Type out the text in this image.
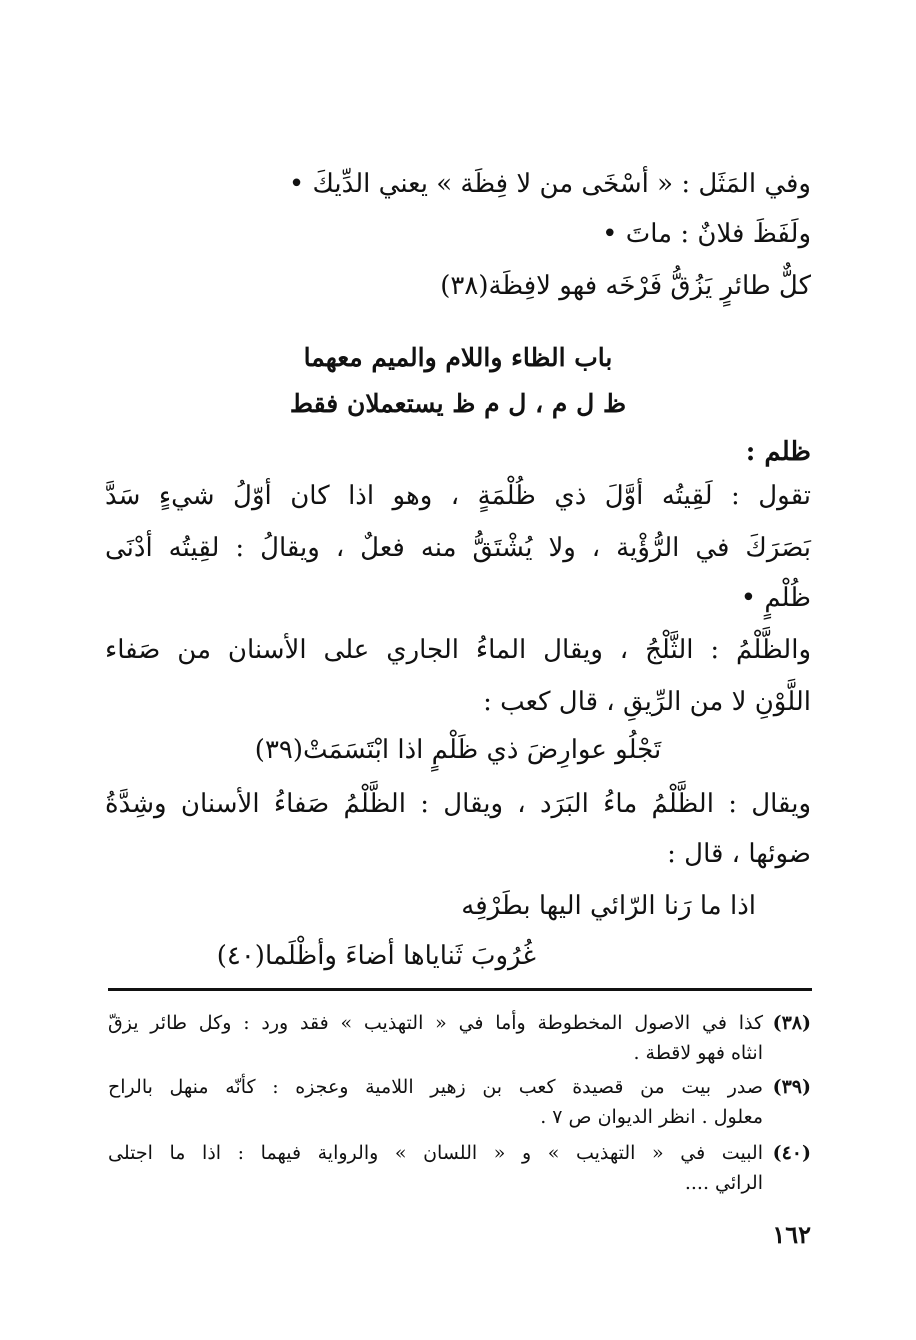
وفي المَثَل : « أسْخَى من لا فِظَة » يعني الدِّيكَ •
ولَفَظَ فلانٌ : ماتَ •
كلٌّ طائرٍ يَزُقُّ فَرْخَه فهو لافِظَة(٣٨)
باب الظاء واللام والميم معهما
ظ ل م ، ل م ظ يستعملان فقط
ظلم :
تقول : لَقِيتُه أوَّلَ ذي ظُلْمَةٍ ، وهو اذا كان أوّلُ شيءٍ سَدَّ
بَصَرَكَ في الرُّؤْية ، ولا يُشْتَقُّ منه فعلٌ ، ويقالُ : لقِيتُه أدْنَى
ظُلْمٍ •
والظَّلْمُ : الثَّلْجُ ، ويقال الماءُ الجاري على الأسنان من صَفاء
اللَّوْنِ لا من الرِّيقِ ، قال كعب :
تَجْلُو عوارِضَ ذي ظَلْمٍ اذا ابْتَسَمَتْ(٣٩)
ويقال : الظَّلْمُ ماءُ البَرَد ، ويقال : الظَّلْمُ صَفاءُ الأسنان وشِدَّةُ
ضوئها ، قال :
اذا ما رَنا الرّائي اليها بطَرْفِه
غُرُوبَ ثَناياها أضاءَ وأظْلَما(٤٠)
(٣٨)
كذا في الاصول المخطوطة وأما في « التهذيب » فقد ورد : وكل طائر يزقّ
انثاه فهو لاقطة .
(٣٩)
صدر بيت من قصيدة كعب بن زهير اللامية وعجزه : كأنّه منهل بالراح
معلول . انظر الديوان ص ٧ .
(٤٠)
البيت في « التهذيب » و « اللسان » والرواية فيهما : اذا ما اجتلى
الرائي ....
١٦٢
